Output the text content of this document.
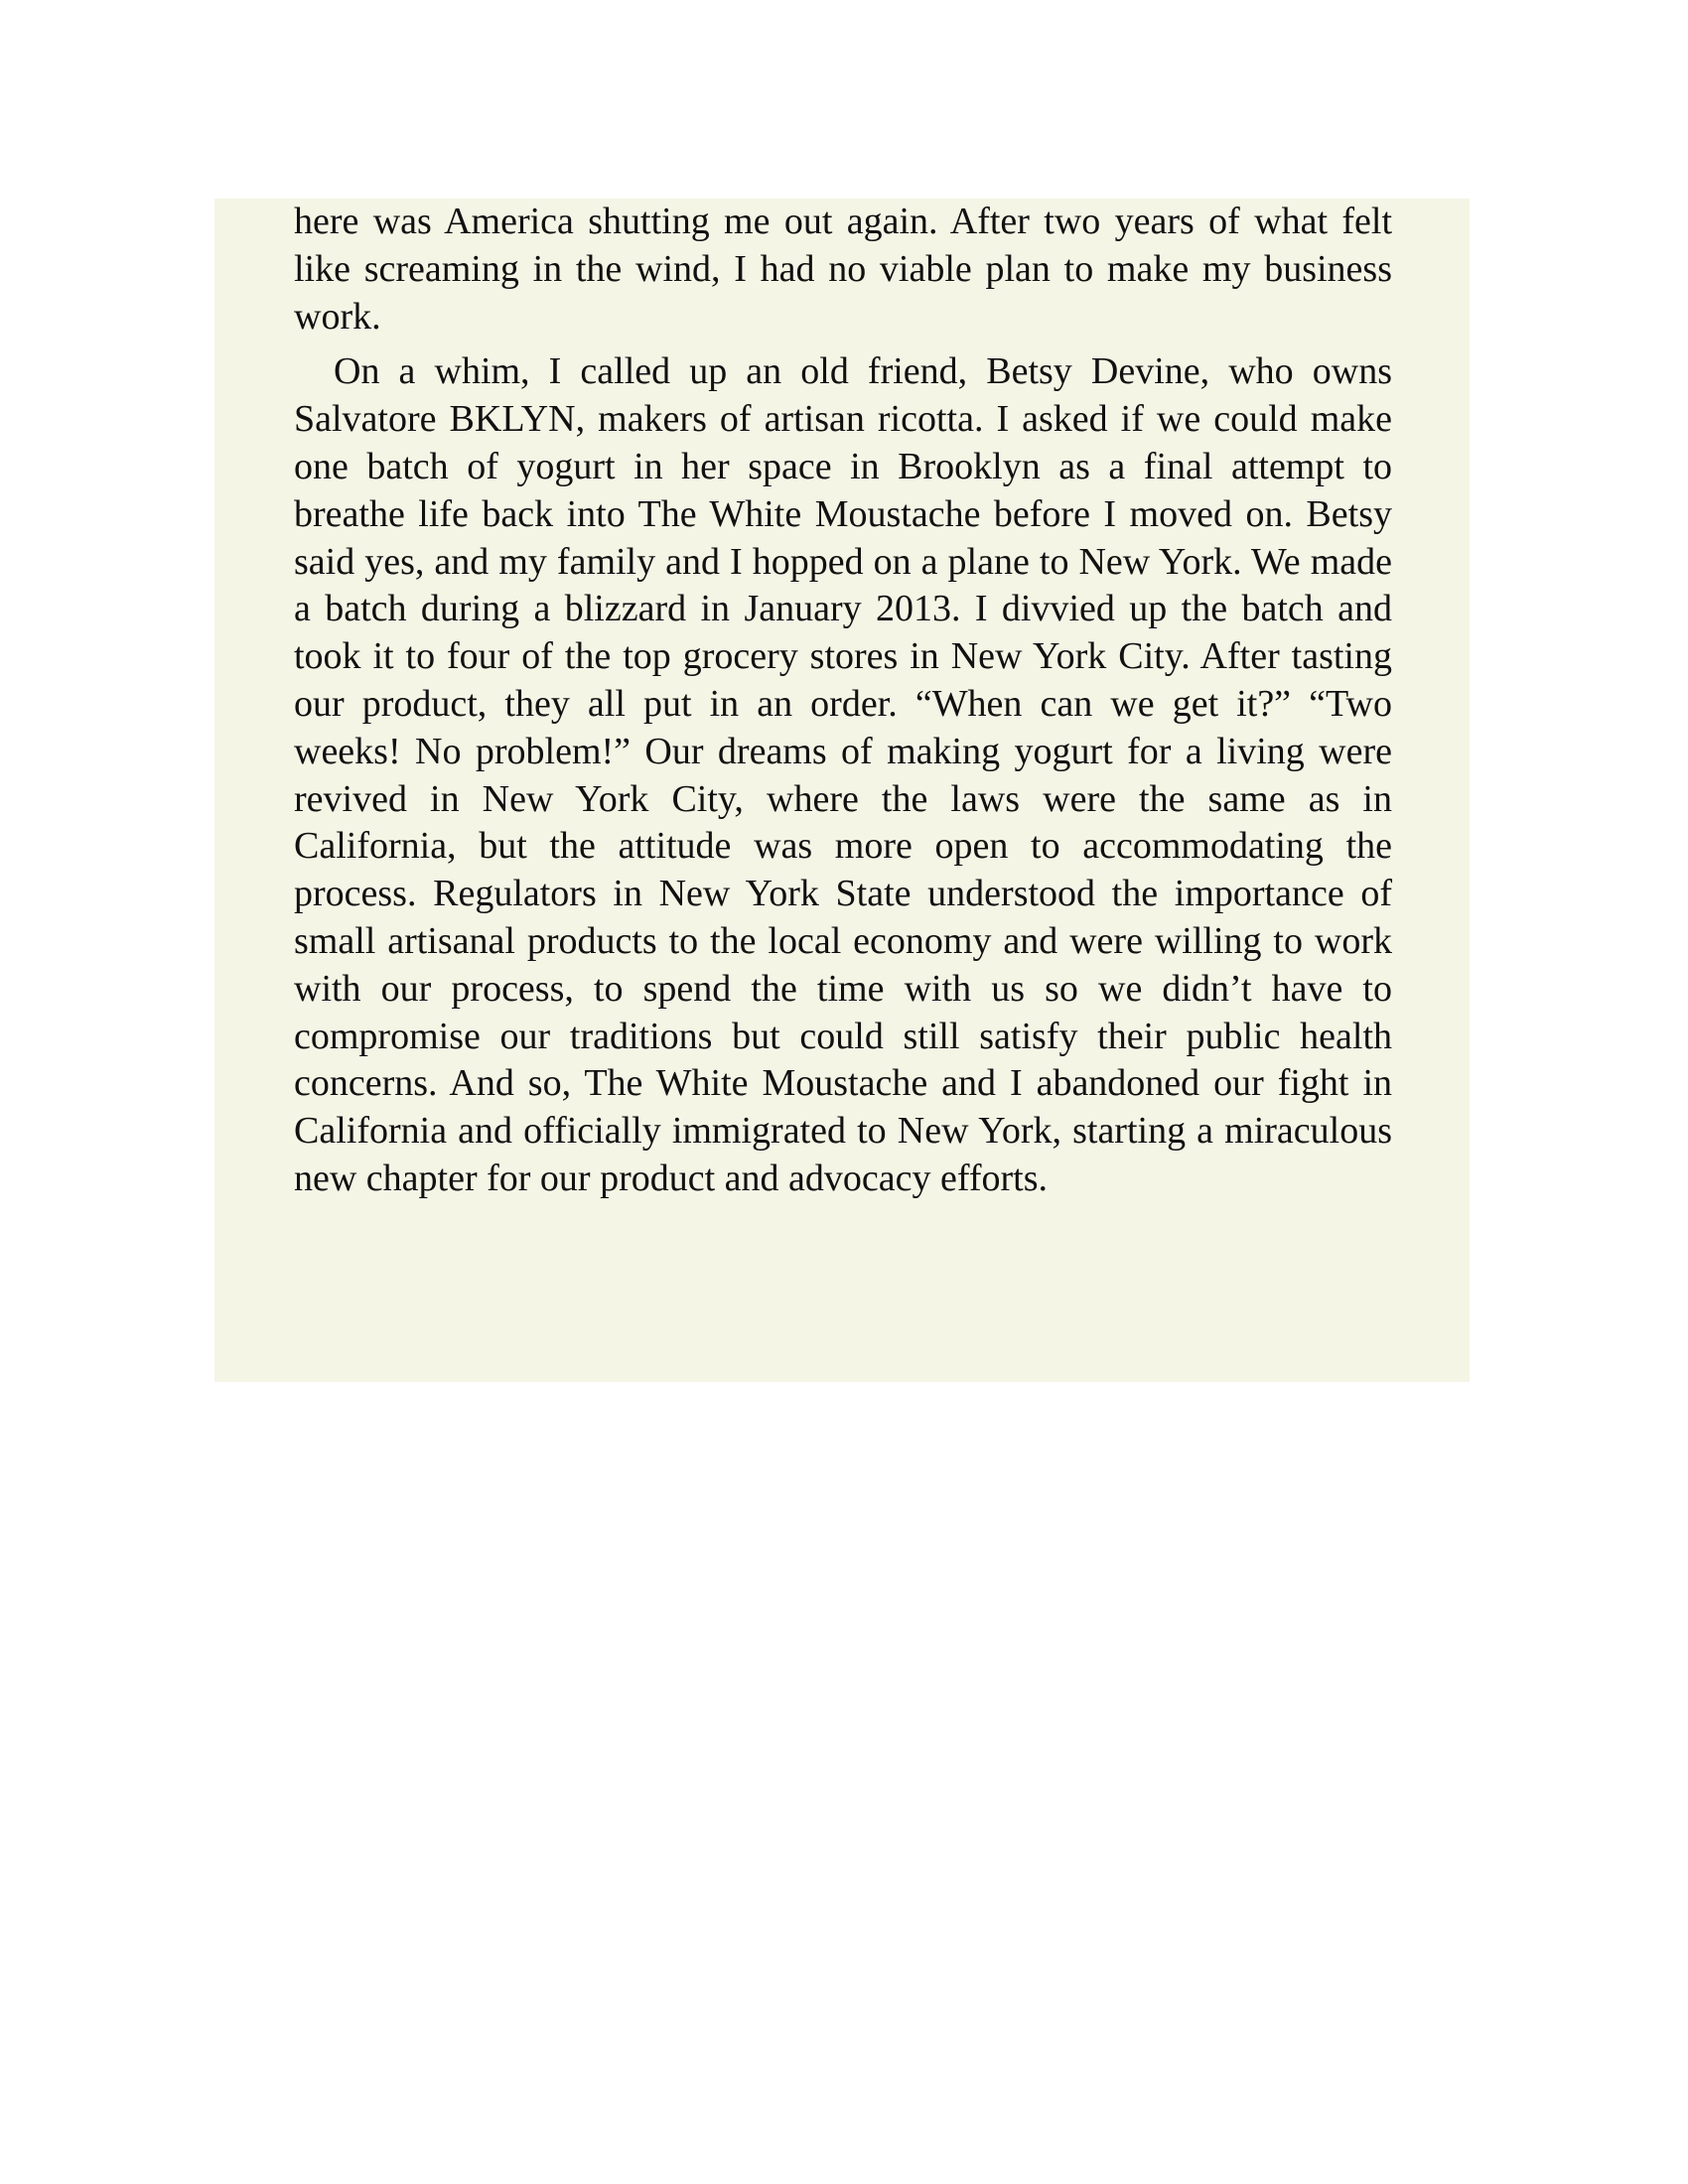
here was America shutting me out again. After two years of what felt like screaming in the wind, I had no viable plan to make my business work.

On a whim, I called up an old friend, Betsy Devine, who owns Salvatore BKLYN, makers of artisan ricotta. I asked if we could make one batch of yogurt in her space in Brooklyn as a final attempt to breathe life back into The White Moustache before I moved on. Betsy said yes, and my family and I hopped on a plane to New York. We made a batch during a blizzard in January 2013. I divvied up the batch and took it to four of the top grocery stores in New York City. After tasting our product, they all put in an order. “When can we get it?” “Two weeks! No problem!” Our dreams of making yogurt for a living were revived in New York City, where the laws were the same as in California, but the attitude was more open to accommodating the process. Regulators in New York State understood the importance of small artisanal products to the local economy and were willing to work with our process, to spend the time with us so we didn’t have to compromise our traditions but could still satisfy their public health concerns. And so, The White Moustache and I abandoned our fight in California and officially immigrated to New York, starting a miraculous new chapter for our product and advocacy efforts.
